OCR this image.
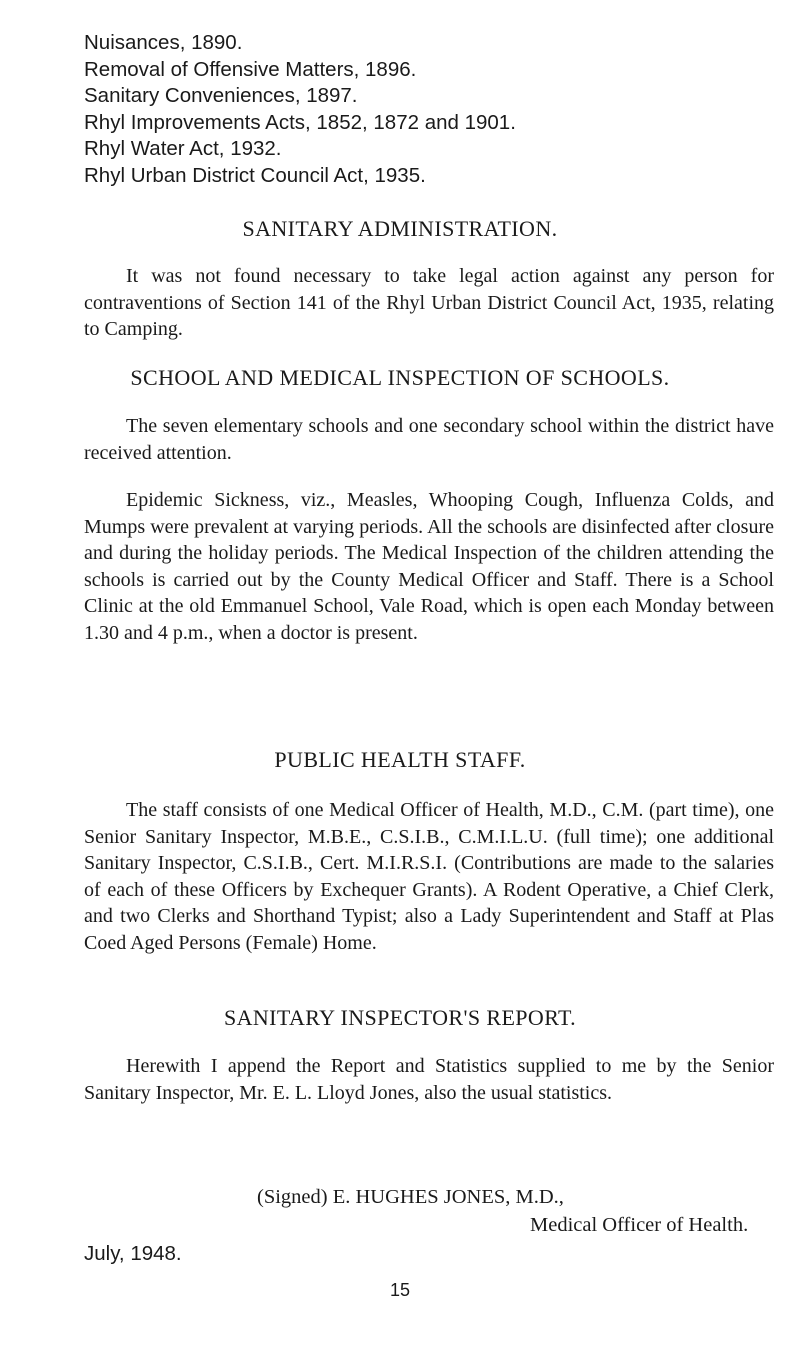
Nuisances, 1890.
Removal of Offensive Matters, 1896.
Sanitary Conveniences, 1897.
Rhyl Improvements Acts, 1852, 1872 and 1901.
Rhyl Water Act, 1932.
Rhyl Urban District Council Act, 1935.
SANITARY ADMINISTRATION.
It was not found necessary to take legal action against any person for contraventions of Section 141 of the Rhyl Urban District Council Act, 1935, relating to Camping.
SCHOOL AND MEDICAL INSPECTION OF SCHOOLS.
The seven elementary schools and one secondary school within the district have received attention.
Epidemic Sickness, viz., Measles, Whooping Cough, Influenza Colds, and Mumps were prevalent at varying periods. All the schools are disinfected after closure and during the holiday periods. The Medical Inspection of the children attending the schools is carried out by the County Medical Officer and Staff. There is a School Clinic at the old Emmanuel School, Vale Road, which is open each Monday between 1.30 and 4 p.m., when a doctor is present.
PUBLIC HEALTH STAFF.
The staff consists of one Medical Officer of Health, M.D., C.M. (part time), one Senior Sanitary Inspector, M.B.E., C.S.I.B., C.M.I.L.U. (full time); one additional Sanitary Inspector, C.S.I.B., Cert. M.I.R.S.I. (Contributions are made to the salaries of each of these Officers by Exchequer Grants). A Rodent Operative, a Chief Clerk, and two Clerks and Shorthand Typist; also a Lady Superintendent and Staff at Plas Coed Aged Persons (Female) Home.
SANITARY INSPECTOR'S REPORT.
Herewith I append the Report and Statistics supplied to me by the Senior Sanitary Inspector, Mr. E. L. Lloyd Jones, also the usual statistics.
(Signed) E. HUGHES JONES, M.D.,
Medical Officer of Health.
July, 1948.
15
